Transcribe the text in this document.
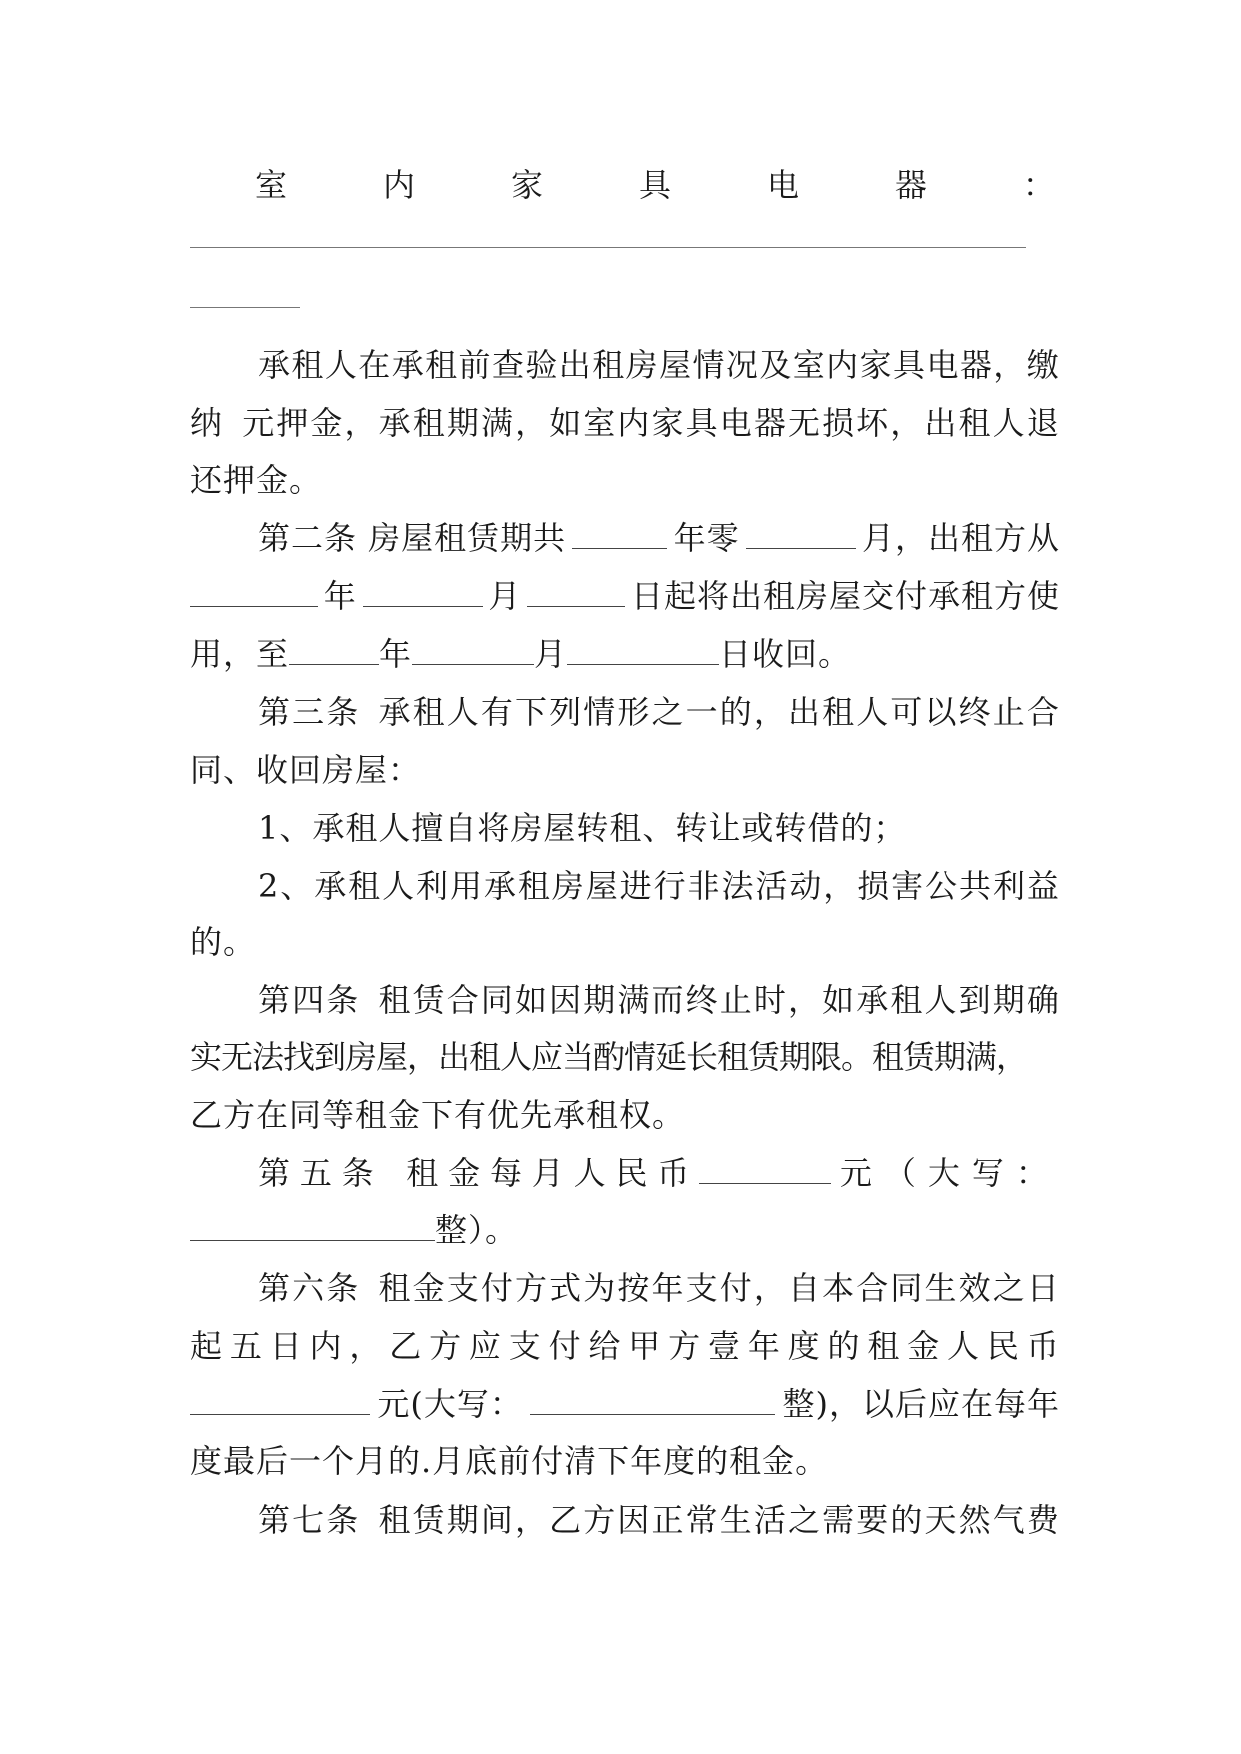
室	内	家	具	电	器	：
承 租 人 在 承 租 前 查 验 出 租 房 屋 情 况 及 室 内 家 具 电 器 ， 缴
纳
  元 押 金 ， 承 租 期 满 ， 如 室 内 家 具 电 器 无 损 坏 ， 出 租 人 退
还押金。
第二条 房屋租赁期共	年零	月，出租方从
年	月	日起将出租房屋交付承租方使
用，至	年	月	日收回。
第 三 条
  承 租 人 有 下 列 情 形 之 一 的 ， 出 租 人 可 以 终 止 合
同、收回房屋：
1、承租人擅自将房屋转租、转让或转借的；
2 、 承 租 人 利 用 承 租 房 屋 进 行 非 法 活 动 ， 损 害 公 共 利 益
的。
第 四 条
  租 赁 合 同 如 因 期 满 而 终 止 时 ， 如 承 租 人 到 期 确
实无法找到房屋，出租人应当酌情延长租赁期限。租赁期满，
乙方在同等租金下有优先承租权。
第 五 条 租 金 每 月 人 民 币	元（大写：
整）。
第 六 条
  租 金 支 付 方 式 为 按 年 支 付 ， 自 本 合 同 生 效 之 日
起 五 日 内 ， 乙 方 应 支 付 给 甲 方 壹 年 度 的 租 金 人 民 币
元(大写：	整)，以后应在每年
度最后一个月的.月底前付清下年度的租金。
第 七 条
  租 赁 期 间 ， 乙 方 因 正 常 生 活 之 需 要 的 天 然 气 费
